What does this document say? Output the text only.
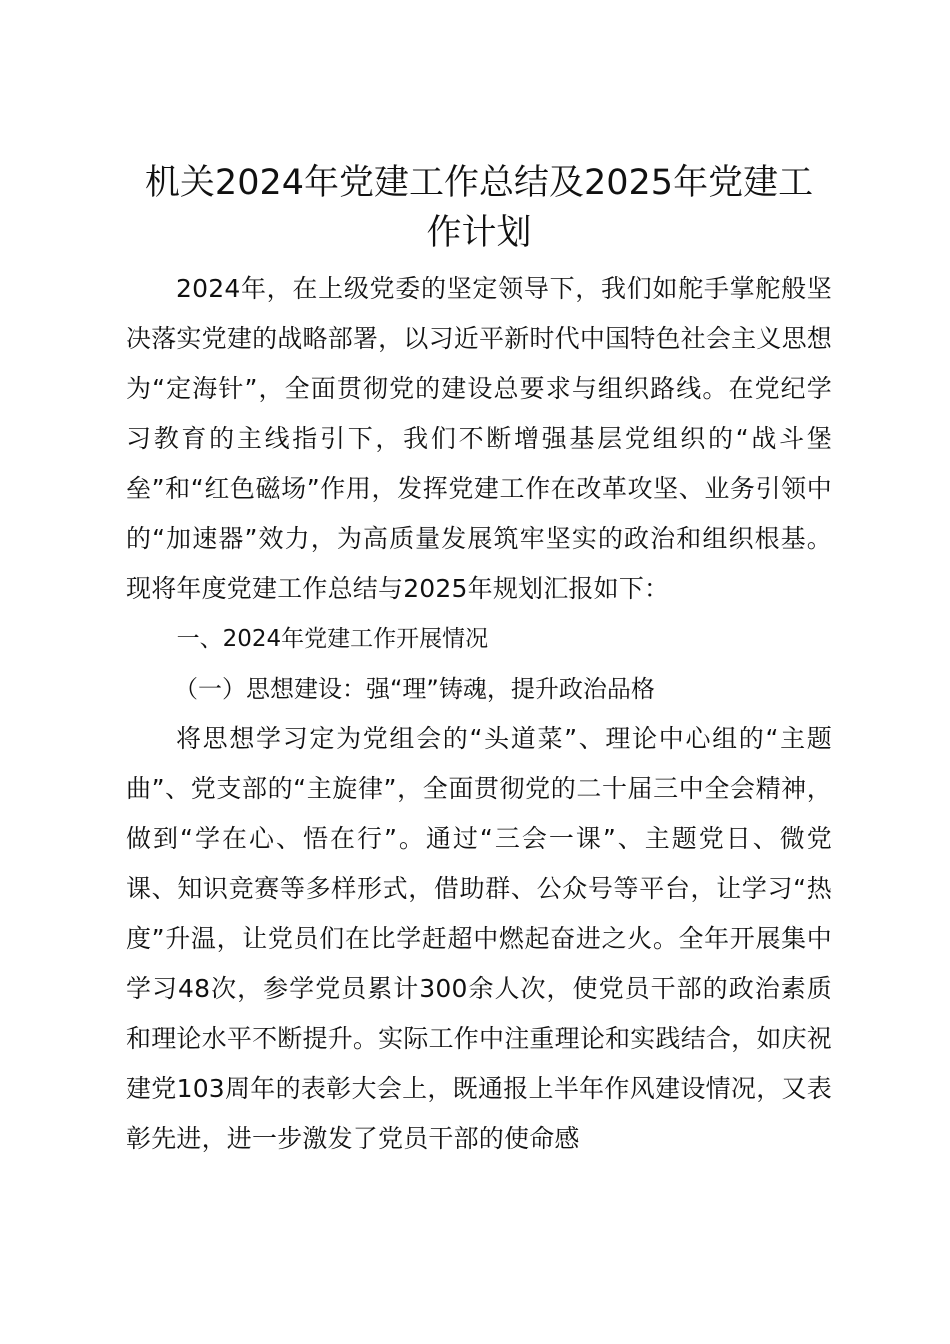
机关2024年党建工作总结及2025年党建工作计划

2024年，在上级党委的坚定领导下，我们如舵手掌舵般坚决落实党建的战略部署，以习近平新时代中国特色社会主义思想为“定海针”，全面贯彻党的建设总要求与组织路线。在党纪学习教育的主线指引下，我们不断增强基层党组织的“战斗堡垒”和“红色磁场”作用，发挥党建工作在改革攻坚、业务引领中的“加速器”效力，为高质量发展筑牢坚实的政治和组织根基。现将年度党建工作总结与2025年规划汇报如下：

一、2024年党建工作开展情况

（一）思想建设：强“理”铸魂，提升政治品格

将思想学习定为党组会的“头道菜”、理论中心组的“主题曲”、党支部的“主旋律”，全面贯彻党的二十届三中全会精神，做到“学在心、悟在行”。通过“三会一课”、主题党日、微党课、知识竞赛等多样形式，借助群、公众号等平台，让学习“热度”升温，让党员们在比学赶超中燃起奋进之火。全年开展集中学习48次，参学党员累计300余人次，使党员干部的政治素质和理论水平不断提升。实际工作中注重理论和实践结合，如庆祝建党103周年的表彰大会上，既通报上半年作风建设情况，又表彰先进，进一步激发了党员干部的使命感
